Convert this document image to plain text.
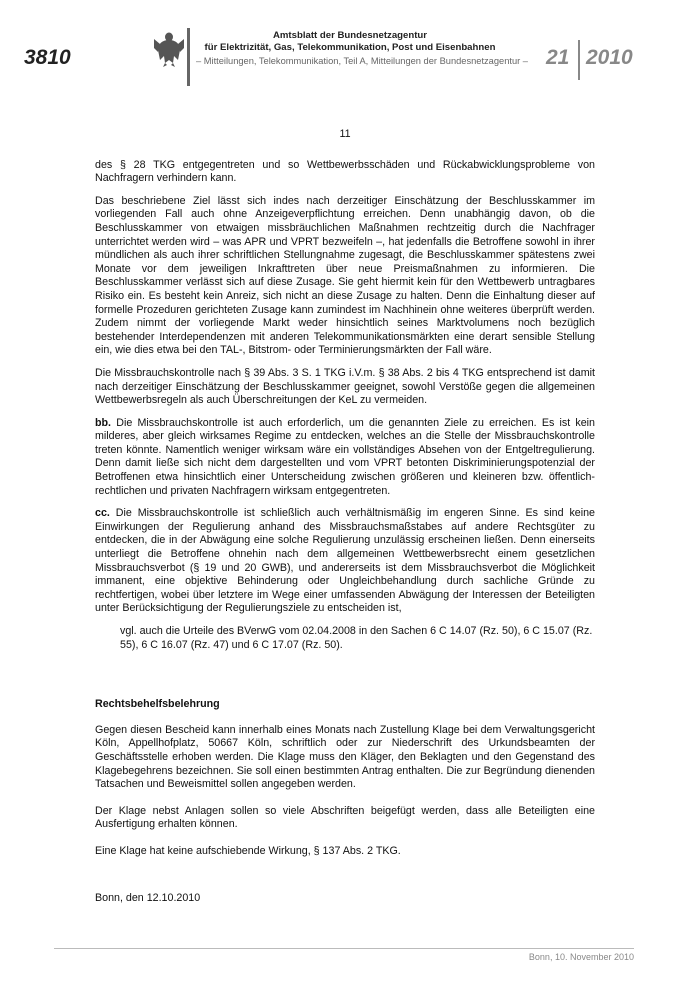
3810
Amtsblatt der Bundesnetzagentur
für Elektrizität, Gas, Telekommunikation, Post und Eisenbahnen
– Mitteilungen, Telekommunikation, Teil A, Mitteilungen der Bundesnetzagentur – 21 2010
11

des § 28 TKG entgegentreten und so Wettbewerbsschäden und Rückabwicklungsprobleme von Nachfragern verhindern kann.

Das beschriebene Ziel lässt sich indes nach derzeitiger Einschätzung der Beschlusskammer im vorliegenden Fall auch ohne Anzeigeverpflichtung erreichen. Denn unabhängig davon, ob die Beschlusskammer von etwaigen missbräuchlichen Maßnahmen rechtzeitig durch die Nachfrager unterrichtet werden wird – was APR und VPRT bezweifeln –, hat jedenfalls die Betroffene sowohl in ihrer mündlichen als auch ihrer schriftlichen Stellungnahme zugesagt, die Beschlusskammer spätestens zwei Monate vor dem jeweiligen Inkrafttreten über neue Preismaßnahmen zu informieren. Die Beschlusskammer verlässt sich auf diese Zusage. Sie geht hiermit kein für den Wettbewerb untragbares Risiko ein. Es besteht kein Anreiz, sich nicht an diese Zusage zu halten. Denn die Einhaltung dieser auf formelle Prozeduren gerichteten Zusage kann zumindest im Nachhinein ohne weiteres überprüft werden. Zudem nimmt der vorliegende Markt weder hinsichtlich seines Marktvolumens noch bezüglich bestehender Interdependenzen mit anderen Telekommunikationsmärkten eine derart sensible Stellung ein, wie dies etwa bei den TAL-, Bitstrom- oder Terminierungsmärkten der Fall wäre.

Die Missbrauchskontrolle nach § 39 Abs. 3 S. 1 TKG i.V.m. § 38 Abs. 2 bis 4 TKG entsprechend ist damit nach derzeitiger Einschätzung der Beschlusskammer geeignet, sowohl Verstöße gegen die allgemeinen Wettbewerbsregeln als auch Überschreitungen der KeL zu vermeiden.

bb. Die Missbrauchskontrolle ist auch erforderlich, um die genannten Ziele zu erreichen. Es ist kein milderes, aber gleich wirksames Regime zu entdecken, welches an die Stelle der Missbrauchskontrolle treten könnte. Namentlich weniger wirksam wäre ein vollständiges Absehen von der Entgeltregulierung. Denn damit ließe sich nicht dem dargestellten und vom VPRT betonten Diskriminierungspotenzial der Betroffenen etwa hinsichtlich einer Unterscheidung zwischen größeren und kleineren bzw. öffentlich-rechtlichen und privaten Nachfragern wirksam entgegentreten.

cc. Die Missbrauchskontrolle ist schließlich auch verhältnismäßig im engeren Sinne. Es sind keine Einwirkungen der Regulierung anhand des Missbrauchsmaßstabes auf andere Rechtsgüter zu entdecken, die in der Abwägung eine solche Regulierung unzulässig erscheinen ließen. Denn einerseits unterliegt die Betroffene ohnehin nach dem allgemeinen Wettbewerbsrecht einem gesetzlichen Missbrauchsverbot (§ 19 und 20 GWB), und andererseits ist dem Missbrauchsverbot die Möglichkeit immanent, eine objektive Behinderung oder Ungleichbehandlung durch sachliche Gründe zu rechtfertigen, wobei über letztere im Wege einer umfassenden Abwägung der Interessen der Beteiligten unter Berücksichtigung der Regulierungsziele zu entscheiden ist,

vgl. auch die Urteile des BVerwG vom 02.04.2008 in den Sachen 6 C 14.07 (Rz. 50), 6 C 15.07 (Rz. 55), 6 C 16.07 (Rz. 47) und 6 C 17.07 (Rz. 50).

Rechtsbehelfsbelehrung

Gegen diesen Bescheid kann innerhalb eines Monats nach Zustellung Klage bei dem Verwaltungsgericht Köln, Appellhofplatz, 50667 Köln, schriftlich oder zur Niederschrift des Urkundsbeamten der Geschäftsstelle erhoben werden. Die Klage muss den Kläger, den Beklagten und den Gegenstand des Klagebegehrens bezeichnen. Sie soll einen bestimmten Antrag enthalten. Die zur Begründung dienenden Tatsachen und Beweismittel sollen angegeben werden.

Der Klage nebst Anlagen sollen so viele Abschriften beigefügt werden, dass alle Beteiligten eine Ausfertigung erhalten können.

Eine Klage hat keine aufschiebende Wirkung, § 137 Abs. 2 TKG.

Bonn, den 12.10.2010

Bonn, 10. November 2010
